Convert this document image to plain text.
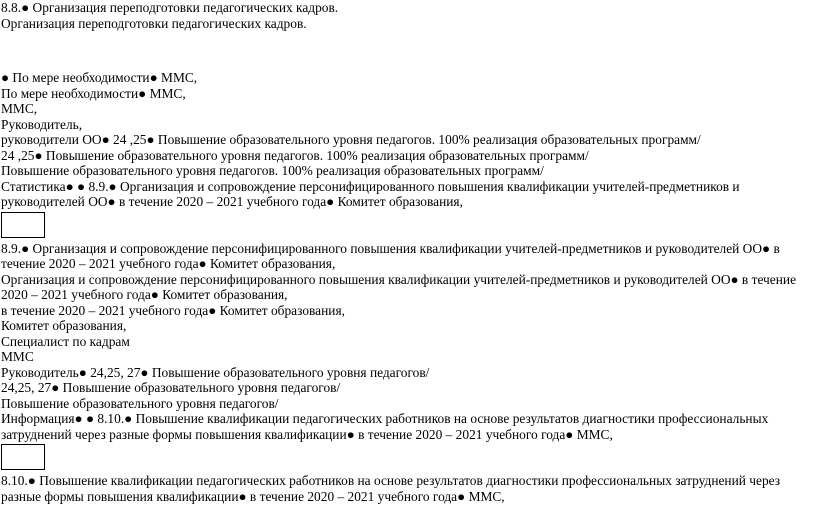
8.8.● Организация переподготовки педагогических кадров.
Организация переподготовки педагогических кадров.
● По мере необходимости● ММС,
По мере необходимости● ММС,
ММС,
Руководитель,
руководители ОО● 24 ,25● Повышение образовательного уровня педагогов. 100% реализация образовательных программ/
24 ,25● Повышение образовательного уровня педагогов. 100% реализация образовательных программ/
Повышение образовательного уровня педагогов. 100% реализация образовательных программ/
Статистика● ● 8.9.● Организация и сопровождение персонифицированного повышения квалификации учителей-предметников и
руководителей ОО● в течение 2020 – 2021 учебного года● Комитет образования,
8.9.● Организация и сопровождение персонифицированного повышения квалификации учителей-предметников и руководителей ОО● в
течение 2020 – 2021 учебного года● Комитет образования,
Организация и сопровождение персонифицированного повышения квалификации учителей-предметников и руководителей ОО● в течение
2020 – 2021 учебного года● Комитет образования,
в течение 2020 – 2021 учебного года● Комитет образования,
Комитет образования,
Специалист по кадрам
ММС
Руководитель● 24,25, 27● Повышение образовательного уровня педагогов/
24,25, 27● Повышение образовательного уровня педагогов/
Повышение образовательного уровня педагогов/
Информация● ● 8.10.● Повышение квалификации педагогических работников на основе результатов диагностики профессиональных
затруднений через разные формы повышения квалификации● в течение 2020 – 2021 учебного года● ММС,
8.10.● Повышение квалификации педагогических работников на основе результатов диагностики профессиональных затруднений через
разные формы повышения квалификации● в течение 2020 – 2021 учебного года● ММС,
